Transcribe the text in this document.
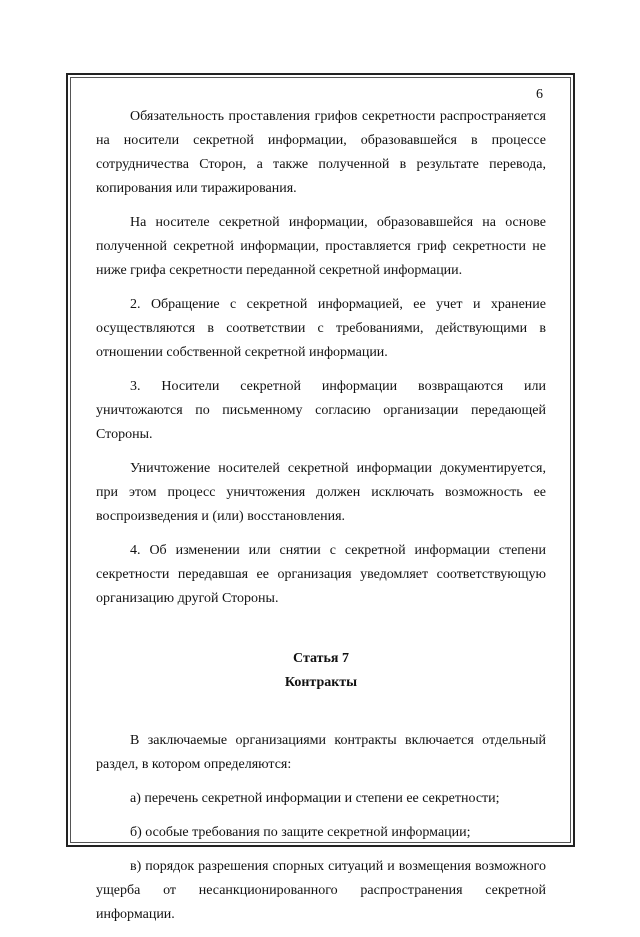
6

Обязательность проставления грифов секретности распространяется на носители секретной информации, образовавшейся в процессе сотрудничества Сторон, а также полученной в результате перевода, копирования или тиражирования.

На носителе секретной информации, образовавшейся на основе полученной секретной информации, проставляется гриф секретности не ниже грифа секретности переданной секретной информации.

2. Обращение с секретной информацией, ее учет и хранение осуществляются в соответствии с требованиями, действующими в отношении собственной секретной информации.

3. Носители секретной информации возвращаются или уничтожаются по письменному согласию организации передающей Стороны.

Уничтожение носителей секретной информации документируется, при этом процесс уничтожения должен исключать возможность ее воспроизведения и (или) восстановления.

4. Об изменении или снятии с секретной информации степени секретности передавшая ее организация уведомляет соответствующую организацию другой Стороны.

Статья 7
Контракты

В заключаемые организациями контракты включается отдельный раздел, в котором определяются:

а) перечень секретной информации и степени ее секретности;

б) особые требования по защите секретной информации;

в) порядок разрешения спорных ситуаций и возмещения возможного ущерба от несанкционированного распространения секретной информации.
